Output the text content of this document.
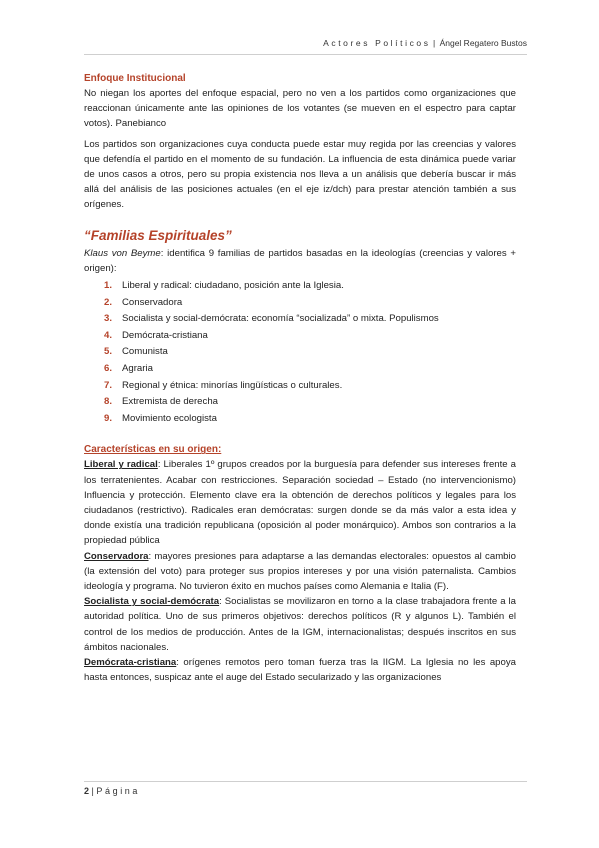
Actores Políticos | Ángel Regatero Bustos
Enfoque Institucional

No niegan los aportes del enfoque espacial, pero no ven a los partidos como organizaciones que reaccionan únicamente ante las opiniones de los votantes (se mueven en el espectro para captar votos). Panebianco

Los partidos son organizaciones cuya conducta puede estar muy regida por las creencias y valores que defendía el partido en el momento de su fundación. La influencia de esta dinámica puede variar de unos casos a otros, pero su propia existencia nos lleva a un análisis que debería buscar ir más allá del análisis de las posiciones actuales (en el eje iz/dch) para prestar atención también a sus orígenes.

“Familias Espirituales”

Klaus von Beyme: identifica 9 familias de partidos basadas en la ideologías (creencias y valores + origen):

1.	Liberal y radical: ciudadano, posición ante la Iglesia.
2.	Conservadora
3.	Socialista y social-demócrata: economía “socializada” o mixta. Populismos
4.	Demócrata-cristiana
5.	Comunista
6.	Agraria
7.	Regional y étnica: minorías lingüísticas o culturales.
8.	Extremista de derecha
9.	Movimiento ecologista
Características en su origen:

Liberal y radical: Liberales 1º grupos creados por la burguesía para defender sus intereses frente a los terratenientes. Acabar con restricciones. Separación sociedad – Estado (no intervencionismo) Influencia y protección. Elemento clave era la obtención de derechos políticos y legales para los ciudadanos (restrictivo). Radicales eran demócratas: surgen donde se da más valor a esta idea y donde existía una tradición republicana (oposición al poder monárquico). Ambos son contrarios a la propiedad pública

Conservadora: mayores presiones para adaptarse a las demandas electorales: opuestos al cambio (la extensión del voto) para proteger sus propios intereses y por una visión paternalista. Cambios ideología y programa. No tuvieron éxito en muchos países como Alemania e Italia (F).

Socialista y social-demócrata: Socialistas se movilizaron en torno a la clase trabajadora frente a la autoridad política. Uno de sus primeros objetivos: derechos políticos (R y algunos L). También el control de los medios de producción. Antes de la IGM, internacionalistas; después inscritos en sus ámbitos nacionales.

Demócrata-cristiana: orígenes remotos pero toman fuerza tras la IIGM. La Iglesia no les apoya hasta entonces, suspicaz ante el auge del Estado secularizado y las organizaciones

2 | Página
